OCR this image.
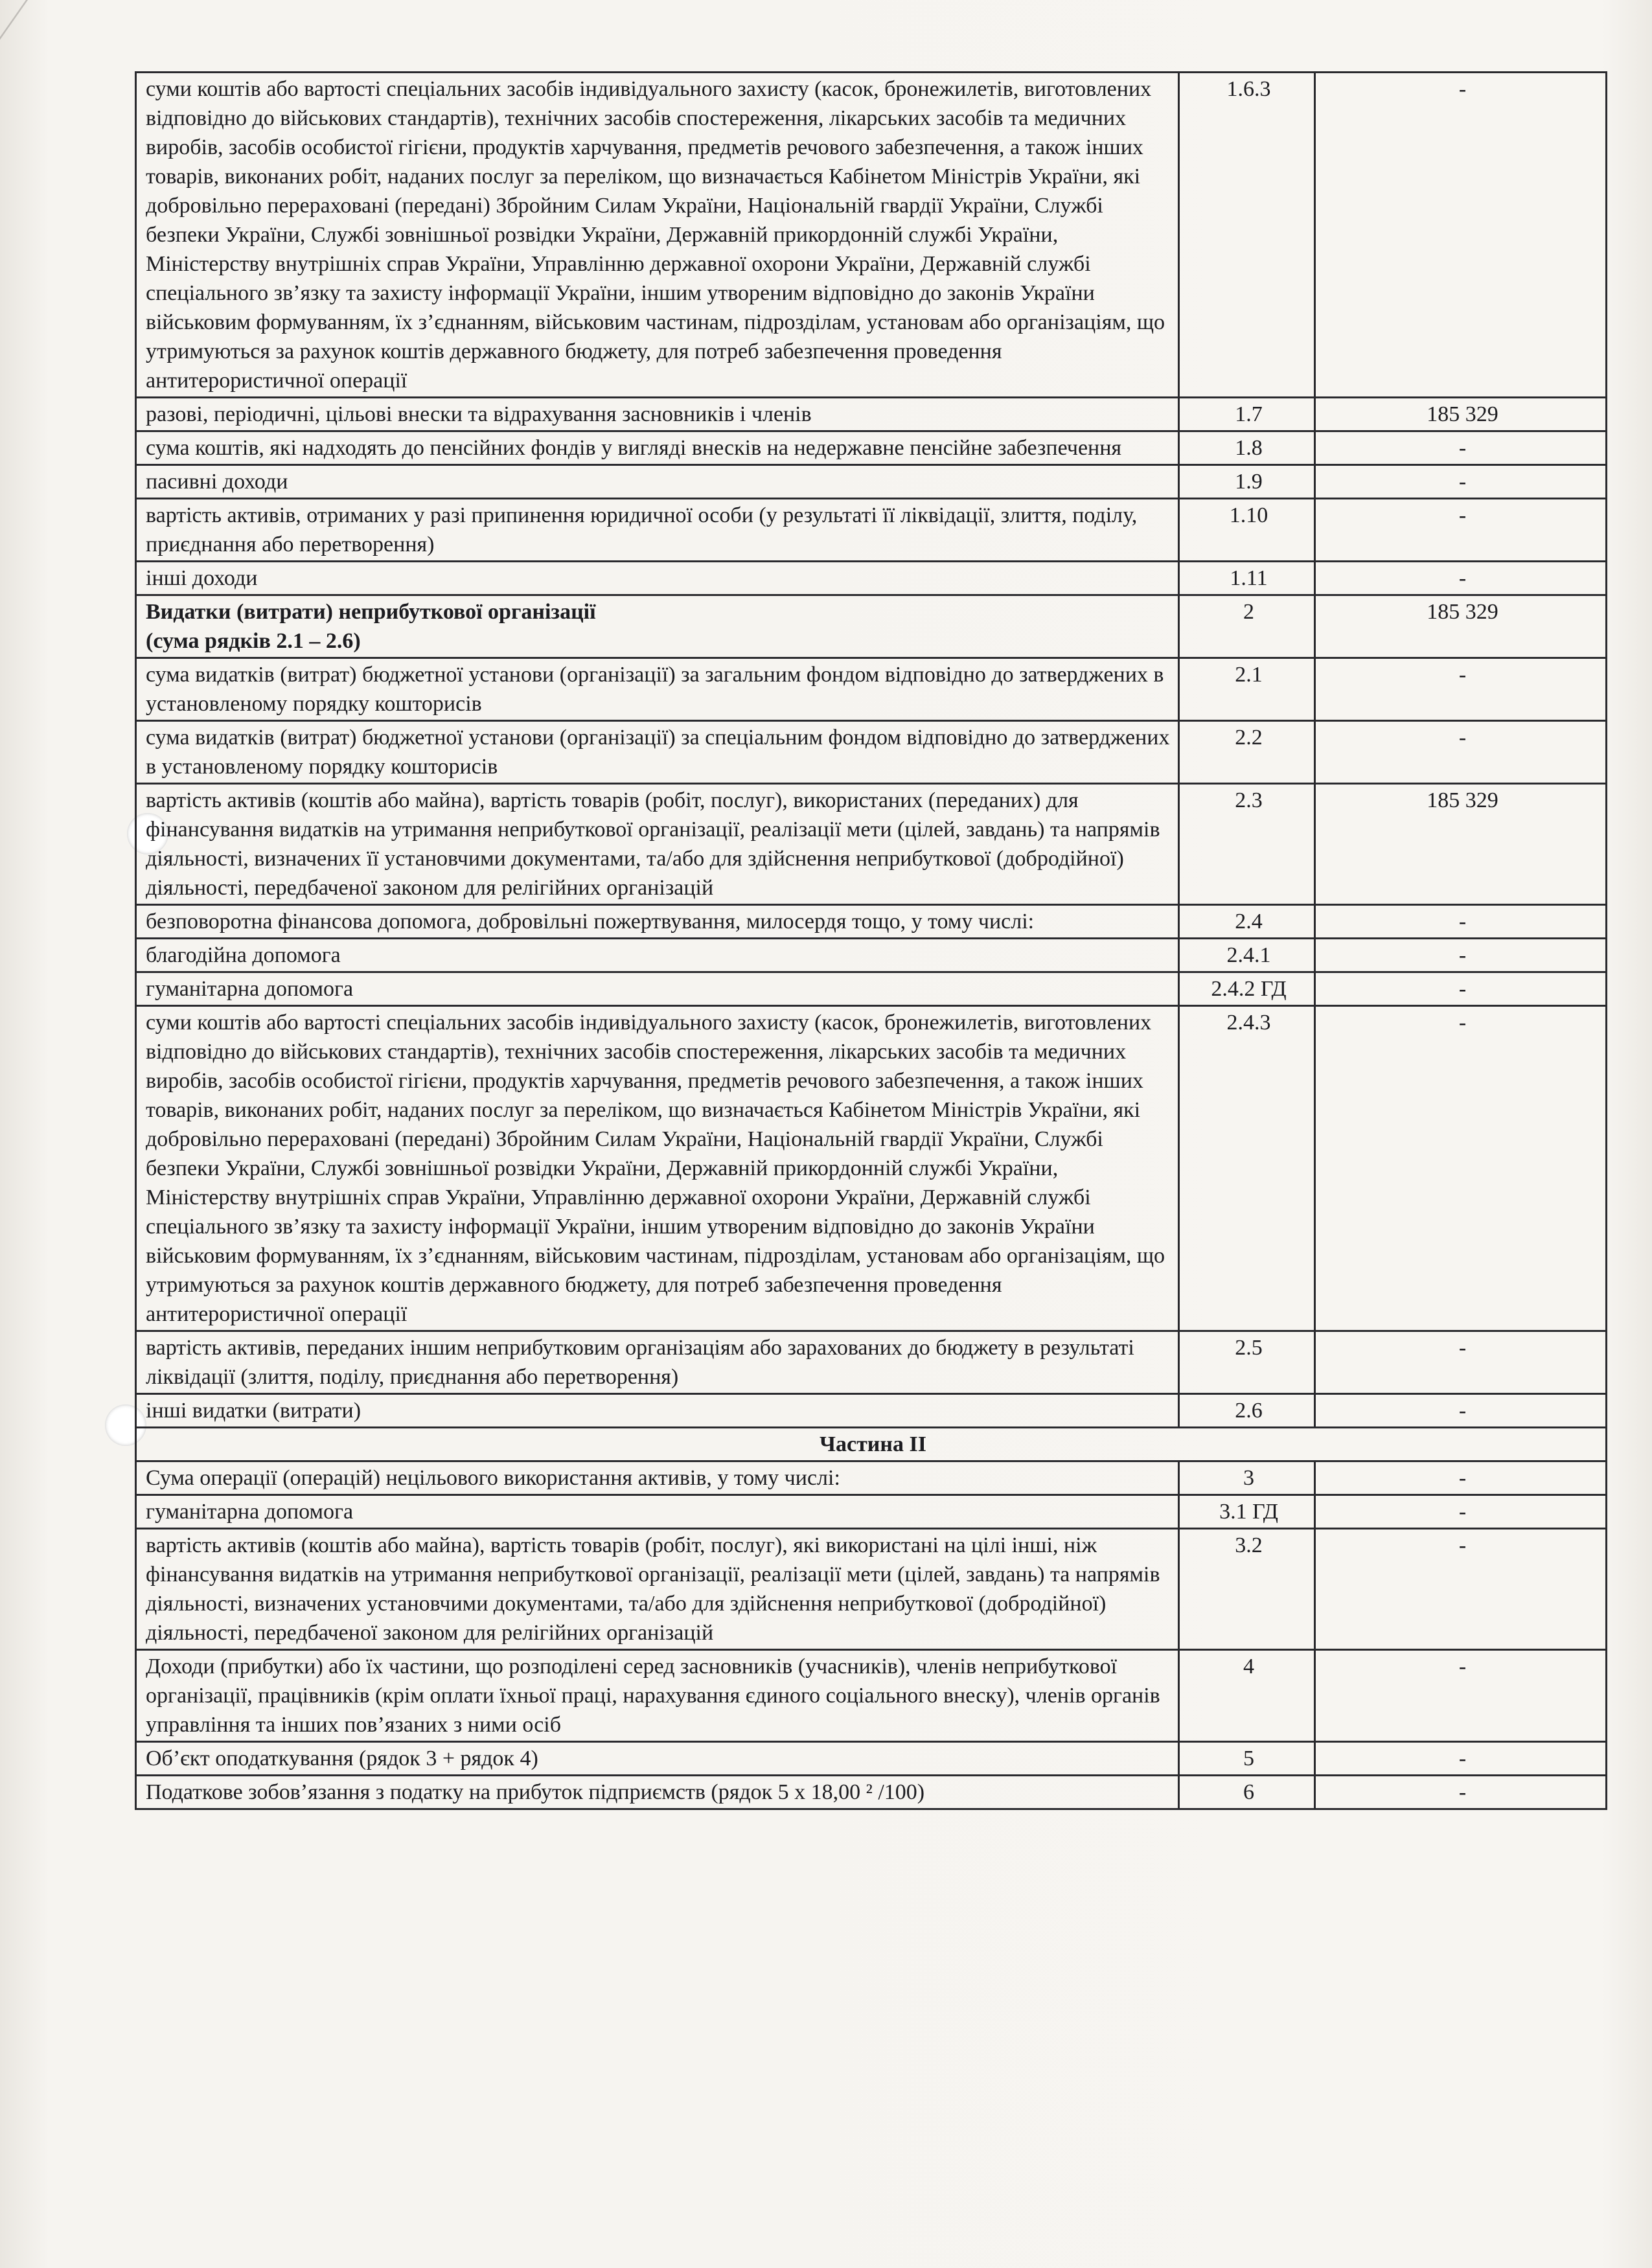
суми коштів або вартості спеціальних засобів індивідуального захисту (касок, бронежилетів, виготовлених відповідно до військових стандартів), технічних засобів спостереження, лікарських засобів та медичних виробів, засобів особистої гігієни, продуктів харчування, предметів речового забезпечення, а також інших товарів, виконаних робіт, наданих послуг за переліком, що визначається Кабінетом Міністрів України, які добровільно перераховані (передані) Збройним Силам України, Національній гвардії України, Службі безпеки України, Службі зовнішньої розвідки України, Державній прикордонній службі України, Міністерству внутрішніх справ України, Управлінню державної охорони України, Державній службі спеціального зв’язку та захисту інформації України, іншим утвореним відповідно до законів України військовим формуванням, їх з’єднанням, військовим частинам, підрозділам, установам або організаціям, що утримуються за рахунок коштів державного бюджету, для потреб забезпечення проведення антитерористичної операції	1.6.3	-
разові, періодичні, цільові внески та відрахування засновників і членів	1.7	185 329
сума коштів, які надходять до пенсійних фондів у вигляді внесків на недержавне пенсійне забезпечення	1.8	-
пасивні доходи	1.9	-
вартість активів, отриманих у разі припинення юридичної особи (у результаті її ліквідації, злиття, поділу, приєднання або перетворення)	1.10	-
інші доходи	1.11	-
Видатки (витрати) неприбуткової організації
(сума рядків 2.1 – 2.6)	2	185 329
сума видатків (витрат) бюджетної установи (організації) за загальним фондом відповідно до затверджених в установленому порядку кошторисів	2.1	-
сума видатків (витрат) бюджетної установи (організації) за спеціальним фондом відповідно до затверджених в установленому порядку кошторисів	2.2	-
вартість активів (коштів або майна), вартість товарів (робіт, послуг), використаних (переданих) для фінансування видатків на утримання неприбуткової організації, реалізації мети (цілей, завдань) та напрямів діяльності, визначених її установчими документами, та/або для здійснення неприбуткової (добродійної) діяльності, передбаченої законом для релігійних організацій	2.3	185 329
безповоротна фінансова допомога, добровільні пожертвування, милосердя тощо, у тому числі:	2.4	-
благодійна допомога	2.4.1	-
гуманітарна допомога	2.4.2 ГД	-
суми коштів або вартості спеціальних засобів індивідуального захисту (касок, бронежилетів, виготовлених відповідно до військових стандартів), технічних засобів спостереження, лікарських засобів та медичних виробів, засобів особистої гігієни, продуктів харчування, предметів речового забезпечення, а також інших товарів, виконаних робіт, наданих послуг за переліком, що визначається Кабінетом Міністрів України, які добровільно перераховані (передані) Збройним Силам України, Національній гвардії України, Службі безпеки України, Службі зовнішньої розвідки України, Державній прикордонній службі України, Міністерству внутрішніх справ України, Управлінню державної охорони України, Державній службі спеціального зв’язку та захисту інформації України, іншим утвореним відповідно до законів України військовим формуванням, їх з’єднанням, військовим частинам, підрозділам, установам або організаціям, що утримуються за рахунок коштів державного бюджету, для потреб забезпечення проведення антитерористичної операції	2.4.3	-
вартість активів, переданих іншим неприбутковим організаціям або зарахованих до бюджету в результаті ліквідації (злиття, поділу, приєднання або перетворення)	2.5	-
інші видатки (витрати)	2.6	-
Частина II		
Сума операції (операцій) нецільового використання активів, у тому числі:	3	-
гуманітарна допомога	3.1 ГД	-
вартість активів (коштів або майна), вартість товарів (робіт, послуг), які використані на цілі інші, ніж фінансування видатків на утримання неприбуткової організації, реалізації мети (цілей, завдань) та напрямів діяльності, визначених установчими документами, та/або для здійснення неприбуткової (добродійної) діяльності, передбаченої законом для релігійних організацій	3.2	-
Доходи (прибутки) або їх частини, що розподілені серед засновників (учасників), членів неприбуткової організації, працівників (крім оплати їхньої праці, нарахування єдиного соціального внеску), членів органів управління та інших пов’язаних з ними осіб	4	-
Об’єкт оподаткування (рядок 3 + рядок 4)	5	-
Податкове зобов’язання з податку на прибуток підприємств (рядок 5 х 18,00 ² /100)	6	-
